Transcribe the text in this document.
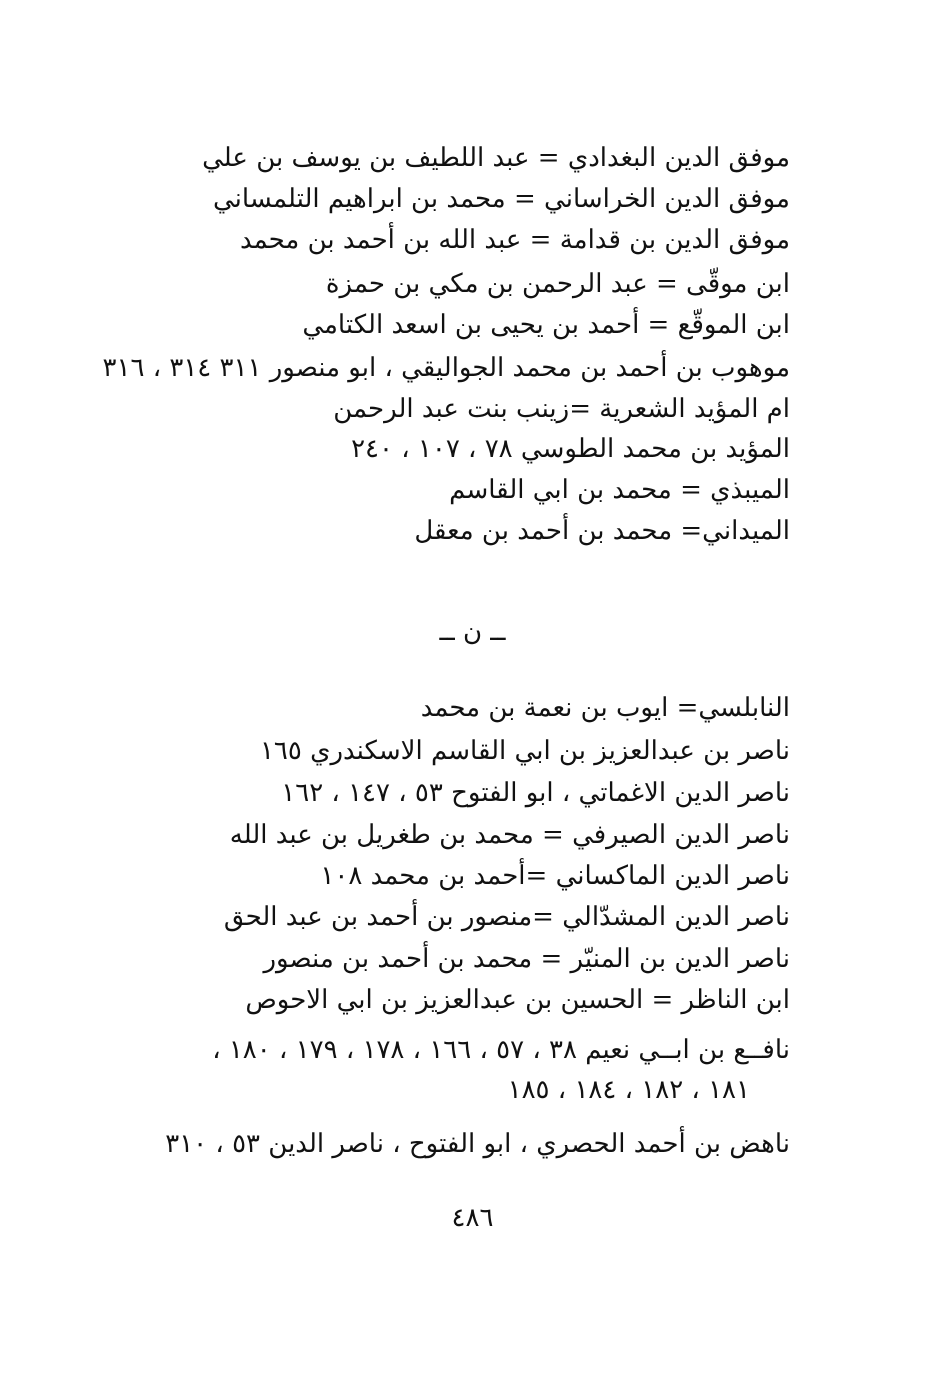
موفق الدين البغدادي = عبد اللطيف بن يوسف بن علي
موفق الدين الخراساني = محمد بن ابراهيم التلمساني
موفق الدين بن قدامة = عبد الله بن أحمد بن محمد
ابن موقّى = عبد الرحمن بن مكي بن حمزة
ابن الموقّع = أحمد بن يحيى بن اسعد الكتامي
موهوب بن أحمد بن محمد الجواليقي ، ابو منصور ٣١١ ٣١٤ ، ٣١٦
ام المؤيد الشعرية =زينب بنت عبد الرحمن
المؤيد بن محمد الطوسي ٧٨ ، ١٠٧ ، ٢٤٠
الميبذي = محمد بن ابي القاسم
الميداني= محمد بن أحمد بن معقل
ــ ن ــ
النابلسي= ايوب بن نعمة بن محمد
ناصر بن عبدالعزيز بن ابي القاسم الاسكندري ١٦٥
ناصر الدين الاغماتي ، ابو الفتوح ٥٣ ، ١٤٧ ، ١٦٢
ناصر الدين الصيرفي = محمد بن طغريل بن عبد الله
ناصر الدين الماكساني =أحمد بن محمد ١٠٨
ناصر الدين المشدّالي =منصور بن أحمد بن عبد الحق
ناصر الدين بن المنيّر = محمد بن أحمد بن منصور
ابن الناظر = الحسين بن عبدالعزيز بن ابي الاحوص
نافــع بن ابــي نعيم ٣٨ ، ٥٧ ، ١٦٦ ، ١٧٨ ، ١٧٩ ، ١٨٠ ،
١٨١ ، ١٨٢ ، ١٨٤ ، ١٨٥
ناهض بن أحمد الحصري ، ابو الفتوح ، ناصر الدين ٥٣ ، ٣١٠
٤٨٦
